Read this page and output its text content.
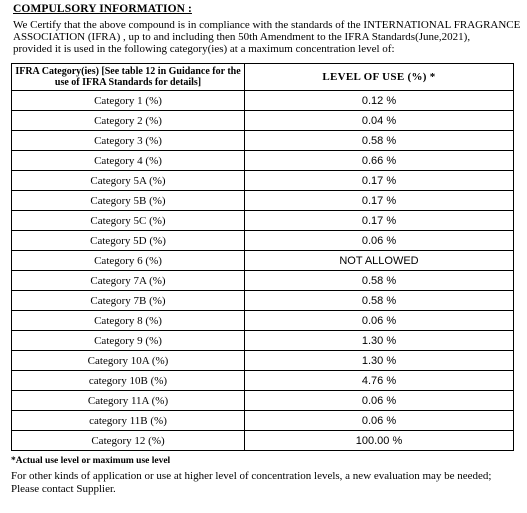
COMPULSORY INFORMATION :
We Certify that the above compound is in compliance with the standards of the INTERNATIONAL FRAGRANCE
ASSOCIATION (IFRA) , up to and including then 50th Amendment to the IFRA Standards(June,2021),
provided it is used in the following category(ies) at a maximum concentration level of:
IFRA Category(ies) [See table 12 in Guidance for the use of IFRA Standards for details]	LEVEL OF USE (%) *
Category 1 (%)	0.12 %
Category 2 (%)	0.04 %
Category 3 (%)	0.58 %
Category 4 (%)	0.66 %
Category 5A (%)	0.17 %
Category 5B (%)	0.17 %
Category 5C (%)	0.17 %
Category 5D (%)	0.06 %
Category 6 (%)	NOT ALLOWED
Category 7A (%)	0.58 %
Category 7B (%)	0.58 %
Category 8 (%)	0.06 %
Category 9 (%)	1.30 %
Category 10A (%)	1.30 %
category 10B (%)	4.76 %
Category 11A (%)	0.06 %
category 11B (%)	0.06 %
Category 12 (%)	100.00 %
*Actual use level or maximum use level
For other kinds of application or use at higher level of concentration levels, a new evaluation may be needed;
Please contact Supplier.
